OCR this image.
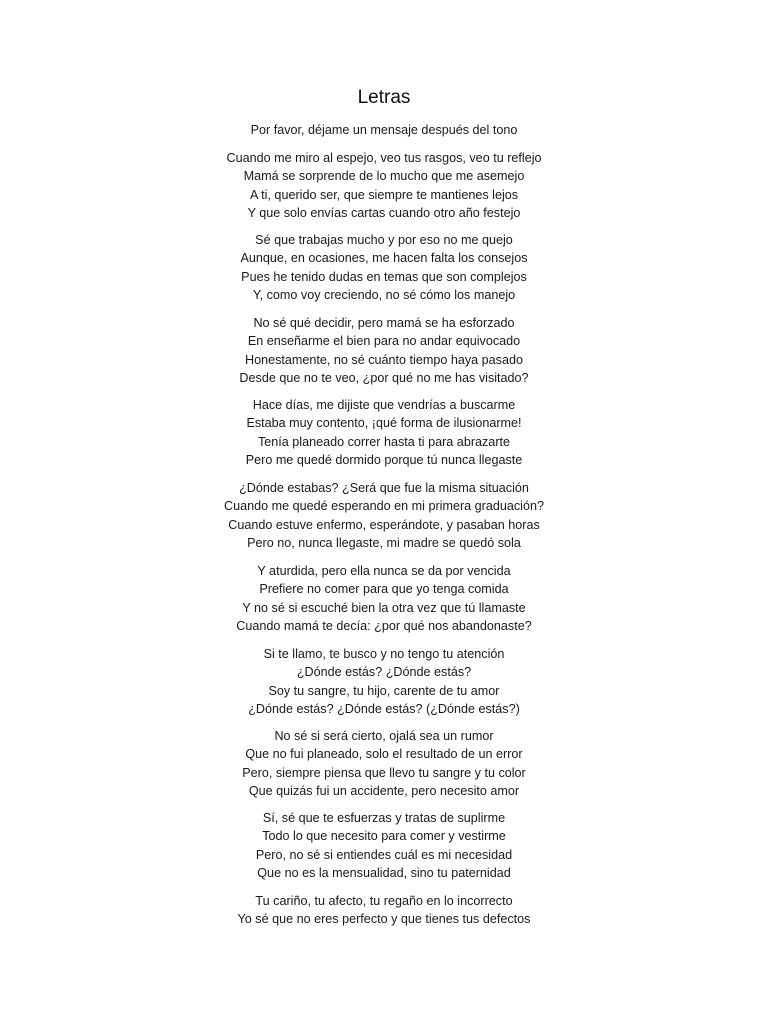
Letras
Por favor, déjame un mensaje después del tono
Cuando me miro al espejo, veo tus rasgos, veo tu reflejo
Mamá se sorprende de lo mucho que me asemejo
A ti, querido ser, que siempre te mantienes lejos
Y que solo envías cartas cuando otro año festejo
Sé que trabajas mucho y por eso no me quejo
Aunque, en ocasiones, me hacen falta los consejos
Pues he tenido dudas en temas que son complejos
Y, como voy creciendo, no sé cómo los manejo
No sé qué decidir, pero mamá se ha esforzado
En enseñarme el bien para no andar equivocado
Honestamente, no sé cuánto tiempo haya pasado
Desde que no te veo, ¿por qué no me has visitado?
Hace días, me dijiste que vendrías a buscarme
Estaba muy contento, ¡qué forma de ilusionarme!
Tenía planeado correr hasta ti para abrazarte
Pero me quedé dormido porque tú nunca llegaste
¿Dónde estabas? ¿Será que fue la misma situación
Cuando me quedé esperando en mi primera graduación?
Cuando estuve enfermo, esperándote, y pasaban horas
Pero no, nunca llegaste, mi madre se quedó sola
Y aturdida, pero ella nunca se da por vencida
Prefiere no comer para que yo tenga comida
Y no sé si escuché bien la otra vez que tú llamaste
Cuando mamá te decía: ¿por qué nos abandonaste?
Si te llamo, te busco y no tengo tu atención
¿Dónde estás? ¿Dónde estás?
Soy tu sangre, tu hijo, carente de tu amor
¿Dónde estás? ¿Dónde estás? (¿Dónde estás?)
No sé si será cierto, ojalá sea un rumor
Que no fui planeado, solo el resultado de un error
Pero, siempre piensa que llevo tu sangre y tu color
Que quizás fui un accidente, pero necesito amor
Sí, sé que te esfuerzas y tratas de suplirme
Todo lo que necesito para comer y vestirme
Pero, no sé si entiendes cuál es mi necesidad
Que no es la mensualidad, sino tu paternidad
Tu cariño, tu afecto, tu regaño en lo incorrecto
Yo sé que no eres perfecto y que tienes tus defectos
